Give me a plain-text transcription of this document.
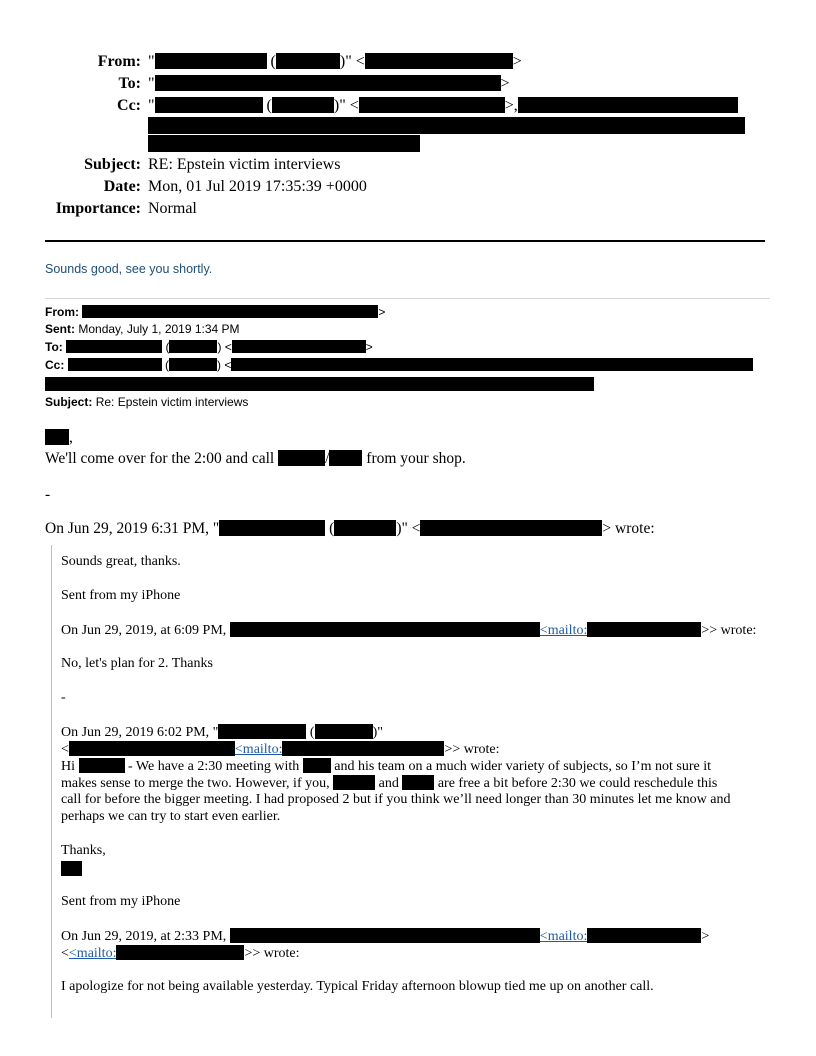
From: "	(	)" <	>
To: "	>
Cc: "	(	)" <	>,
Subject: RE: Epstein victim interviews
Date: Mon, 01 Jul 2019 17:35:39 +0000
Importance: Normal
Sounds good, see you shortly.
From:	>
Sent: Monday, July 1, 2019 1:34 PM
To:	(	) <	>
Cc:	(	) <
Subject: Re: Epstein victim interviews
,
We'll come over for the 2:00 and call	/ from your shop.
-
On Jun 29, 2019 6:31 PM, "	(	)" <	> wrote:
Sounds great, thanks.
Sent from my iPhone
On Jun 29, 2019, at 6:09 PM,	<mailto:	>> wrote:
No, let's plan for 2. Thanks
-
On Jun 29, 2019 6:02 PM, "	(	)"
<	<mailto:	>> wrote:
Hi	- We have a 2:30 meeting with	and his team on a much wider variety of subjects, so I’m not sure it
makes sense to merge the two. However, if you,	and	are free a bit before 2:30 we could reschedule this
call for before the bigger meeting. I had proposed 2 but if you think we’ll need longer than 30 minutes let me know and
perhaps we can try to start even earlier.
Thanks,
Sent from my iPhone
On Jun 29, 2019, at 2:33 PM,	<mailto:	>
<<mailto:	>> wrote:
I apologize for not being available yesterday. Typical Friday afternoon blowup tied me up on another call.
